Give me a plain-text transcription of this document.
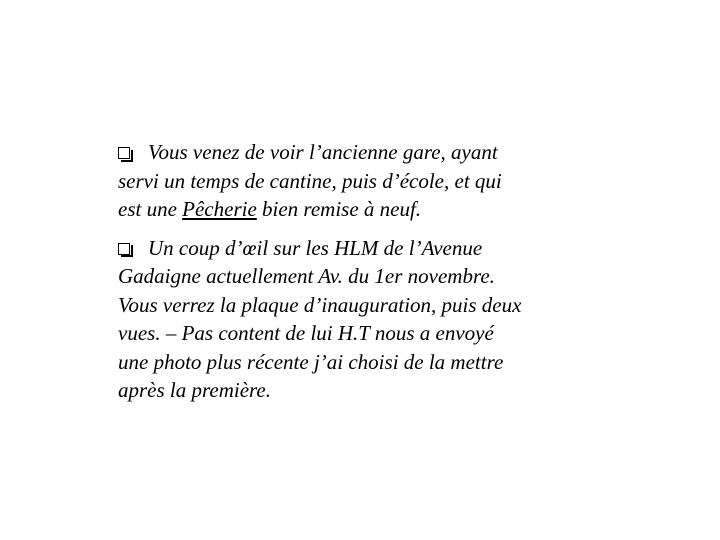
Vous venez de voir l’ancienne gare, ayant
servi un temps de cantine, puis d’école, et qui
est une Pêcherie bien remise à neuf.

Un coup d’œil sur les HLM de l’Avenue
Gadaigne actuellement Av. du 1er novembre.
Vous verrez la plaque d’inauguration, puis deux
vues. – Pas content de lui H.T nous a envoyé
une photo plus récente j’ai choisi de la mettre
après la première.
